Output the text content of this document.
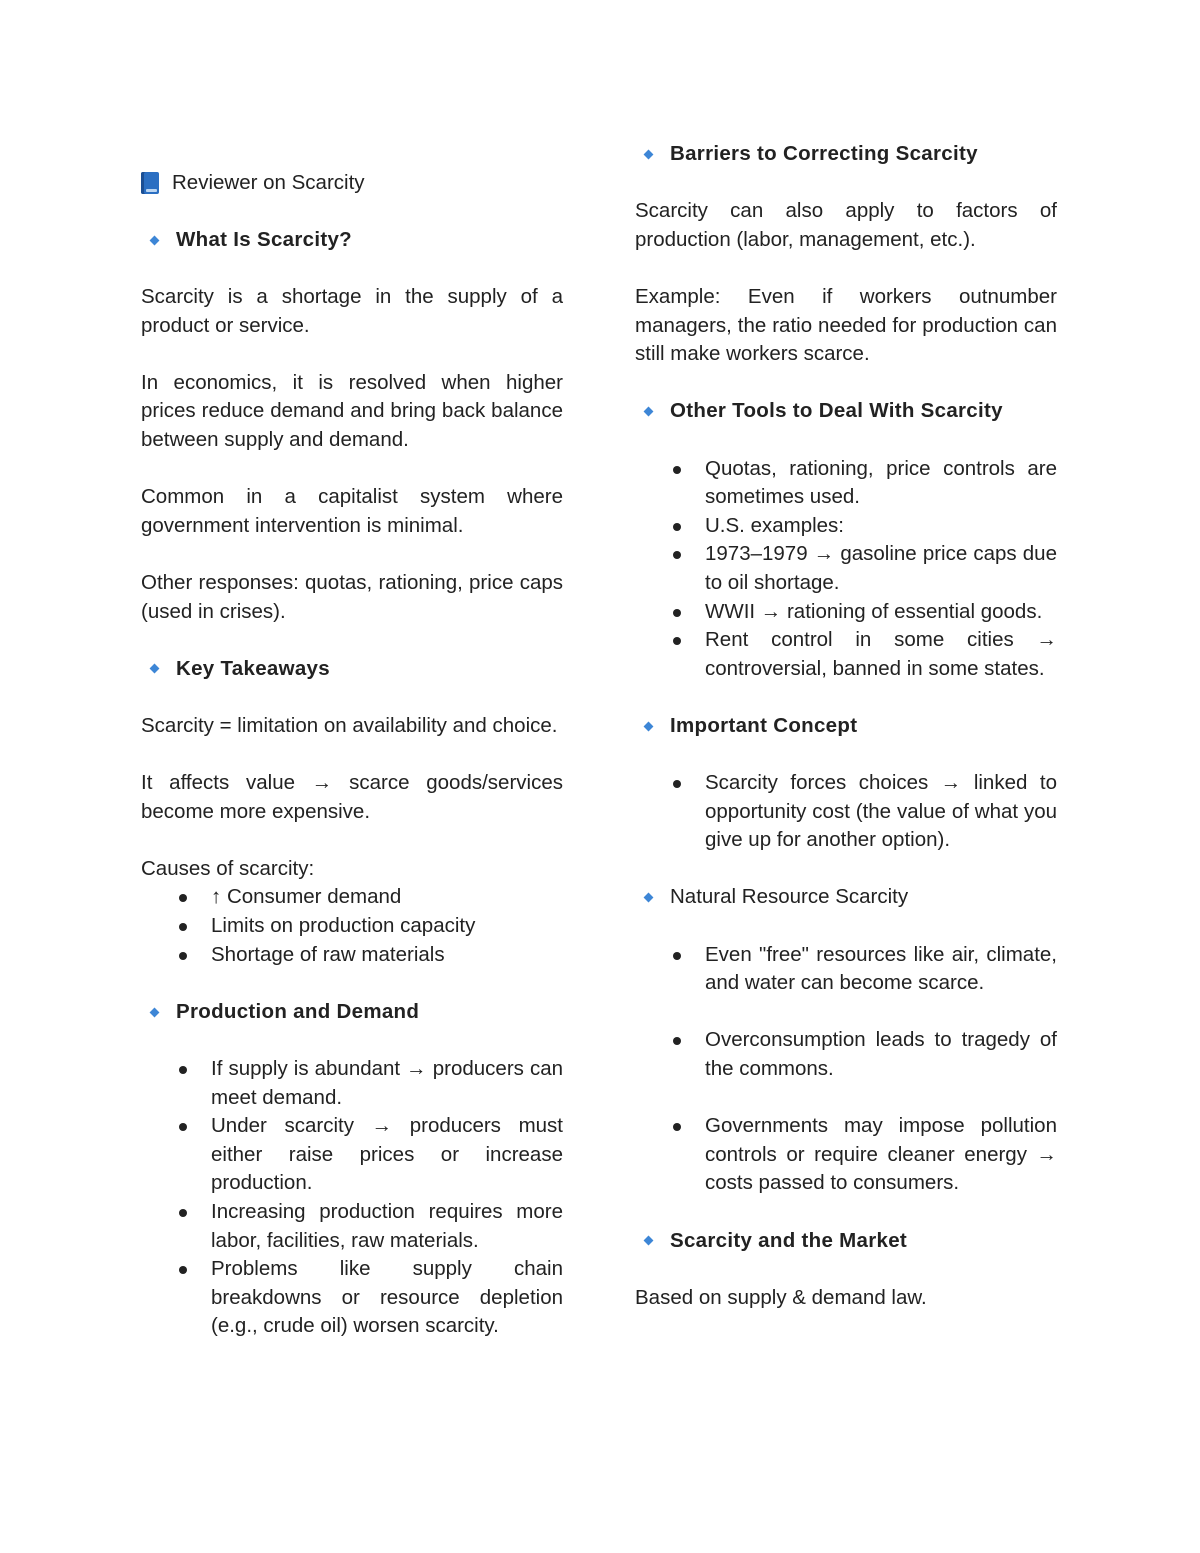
Reviewer on Scarcity
What Is Scarcity?

Scarcity is a shortage in the supply of a product or service.

In economics, it is resolved when higher prices reduce demand and bring back balance between supply and demand.

Common in a capitalist system where government intervention is minimal.

Other responses: quotas, rationing, price caps (used in crises).

Key Takeaways

Scarcity = limitation on availability and choice.

It affects value → scarce goods/services become more expensive.

Causes of scarcity:

↑ Consumer demand
Limits on production capacity
Shortage of raw materials
Production and Demand
If supply is abundant → producers can meet demand.
Under scarcity → producers must either raise prices or increase production.
Increasing production requires more labor, facilities, raw materials.
Problems like supply chain breakdowns or resource depletion (e.g., crude oil) worsen scarcity.
Barriers to Correcting Scarcity

Scarcity can also apply to factors of production (labor, management, etc.).

Example: Even if workers outnumber managers, the ratio needed for production can still make workers scarce.

Other Tools to Deal With Scarcity
Quotas, rationing, price controls are sometimes used.
U.S. examples:
1973–1979 → gasoline price caps due to oil shortage.
WWII → rationing of essential goods.
Rent control in some cities → controversial, banned in some states.
Important Concept
Scarcity forces choices → linked to opportunity cost (the value of what you give up for another option).
Natural Resource Scarcity
Even "free" resources like air, climate, and water can become scarce.
Overconsumption leads to tragedy of the commons.
Governments may impose pollution controls or require cleaner energy → costs passed to consumers.
Scarcity and the Market

Based on supply & demand law.
